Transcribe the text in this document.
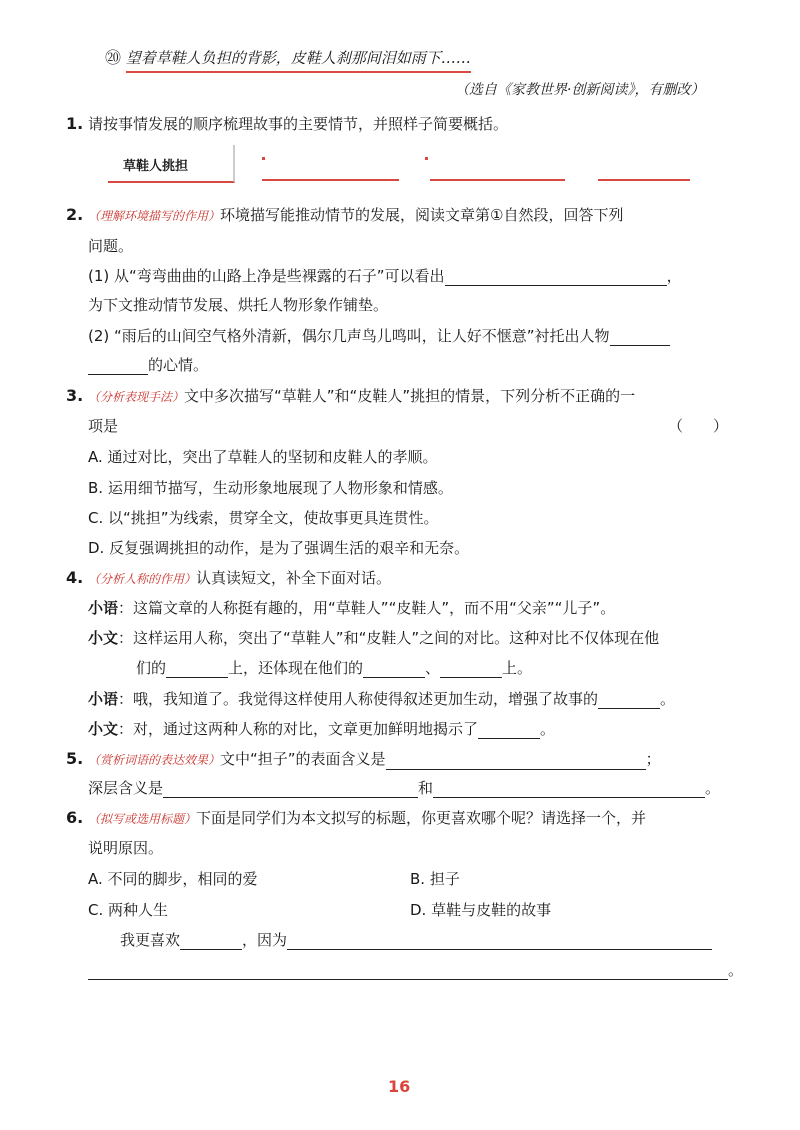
⑳ 望着草鞋人负担的背影，皮鞋人刹那间泪如雨下……
（选自《家教世界·创新阅读》，有删改）
1. 请按事情发展的顺序梳理故事的主要情节，并照样子简要概括。
草鞋人挑担
2. （理解环境描写的作用）环境描写能推动情节的发展，阅读文章第①自然段，回答下列
问题。
(1) 从“弯弯曲曲的山路上净是些裸露的石子”可以看出	，
为下文推动情节发展、烘托人物形象作铺垫。
(2) “雨后的山间空气格外清新，偶尔几声鸟儿鸣叫，让人好不惬意”衬托出人物
的心情。
3. （分析表现手法）文中多次描写“草鞋人”和“皮鞋人”挑担的情景，下列分析不正确的一
项是	（　　）
A. 通过对比，突出了草鞋人的坚韧和皮鞋人的孝顺。
B. 运用细节描写，生动形象地展现了人物形象和情感。
C. 以“挑担”为线索，贯穿全文，使故事更具连贯性。
D. 反复强调挑担的动作，是为了强调生活的艰辛和无奈。
4. （分析人称的作用）认真读短文，补全下面对话。
小语：这篇文章的人称挺有趣的，用“草鞋人”“皮鞋人”，而不用“父亲”“儿子”。
小文：这样运用人称，突出了“草鞋人”和“皮鞋人”之间的对比。这种对比不仅体现在他
们的	上，还体现在他们的	、	上。
小语：哦，我知道了。我觉得这样使用人称使得叙述更加生动，增强了故事的	。
小文：对，通过这两种人称的对比，文章更加鲜明地揭示了	。
5. （赏析词语的表达效果）文中“担子”的表面含义是	；
深层含义是	和	。
6. （拟写或选用标题）下面是同学们为本文拟写的标题，你更喜欢哪个呢？请选择一个，并
说明原因。
A. 不同的脚步，相同的爱	B. 担子
C. 两种人生	D. 草鞋与皮鞋的故事
我更喜欢	，因为
。
16
